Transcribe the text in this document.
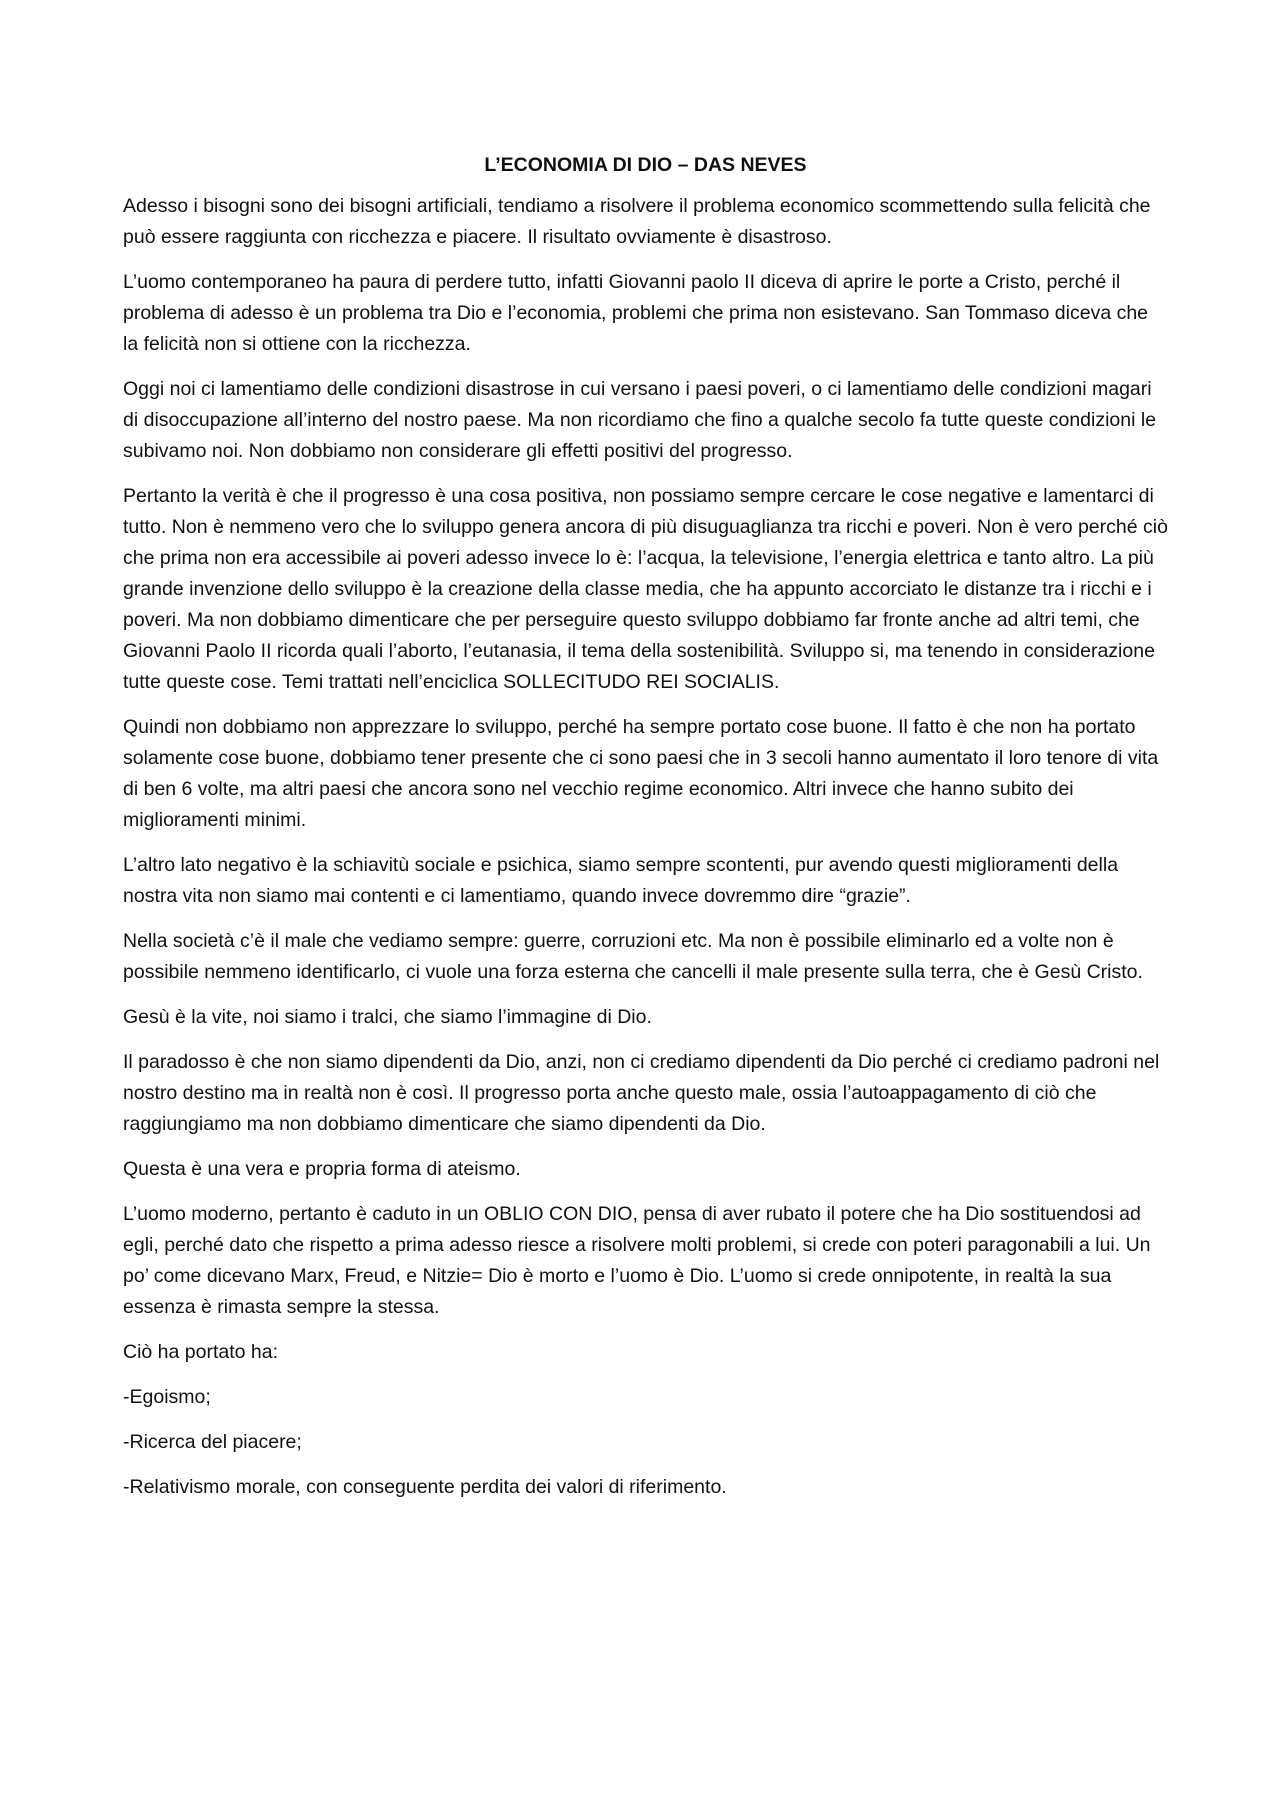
L’ECONOMIA DI DIO – DAS NEVES

Adesso i bisogni sono dei bisogni artificiali, tendiamo a risolvere il problema economico scommettendo sulla felicità che può essere raggiunta con ricchezza e piacere. Il risultato ovviamente è disastroso.

L’uomo contemporaneo ha paura di perdere tutto, infatti Giovanni paolo II diceva di aprire le porte a Cristo, perché il problema di adesso è un problema tra Dio e l’economia, problemi che prima non esistevano. San Tommaso diceva che la felicità non si ottiene con la ricchezza.

Oggi noi ci lamentiamo delle condizioni disastrose in cui versano i paesi poveri, o ci lamentiamo delle condizioni magari di disoccupazione all’interno del nostro paese. Ma non ricordiamo che fino a qualche secolo fa tutte queste condizioni le subivamo noi. Non dobbiamo non considerare gli effetti positivi del progresso.

Pertanto la verità è che il progresso è una cosa positiva, non possiamo sempre cercare le cose negative e lamentarci di tutto. Non è nemmeno vero che lo sviluppo genera ancora di più disuguaglianza tra ricchi e poveri. Non è vero perché ciò che prima non era accessibile ai poveri adesso invece lo è: l’acqua, la televisione, l’energia elettrica e tanto altro. La più grande invenzione dello sviluppo è la creazione della classe media, che ha appunto accorciato le distanze tra i ricchi e i poveri. Ma non dobbiamo dimenticare che per perseguire questo sviluppo dobbiamo far fronte anche ad altri temi, che Giovanni Paolo II ricorda quali l’aborto, l’eutanasia, il tema della sostenibilità. Sviluppo si, ma tenendo in considerazione tutte queste cose. Temi trattati nell’enciclica SOLLECITUDO REI SOCIALIS.

Quindi non dobbiamo non apprezzare lo sviluppo, perché ha sempre portato cose buone. Il fatto è che non ha portato solamente cose buone, dobbiamo tener presente che ci sono paesi che in 3 secoli hanno aumentato il loro tenore di vita di ben 6 volte, ma altri paesi che ancora sono nel vecchio regime economico. Altri invece che hanno subito dei miglioramenti minimi.

L’altro lato negativo è la schiavitù sociale e psichica, siamo sempre scontenti, pur avendo questi miglioramenti della nostra vita non siamo mai contenti e ci lamentiamo, quando invece dovremmo dire “grazie”.

Nella società c’è il male che vediamo sempre: guerre, corruzioni etc. Ma non è possibile eliminarlo ed a volte non è possibile nemmeno identificarlo, ci vuole una forza esterna che cancelli il male presente sulla terra, che è Gesù Cristo.

Gesù è la vite, noi siamo i tralci, che siamo l’immagine di Dio.

Il paradosso è che non siamo dipendenti da Dio, anzi, non ci crediamo dipendenti da Dio perché ci crediamo padroni nel nostro destino ma in realtà non è così. Il progresso porta anche questo male, ossia l’autoappagamento di ciò che raggiungiamo ma non dobbiamo dimenticare che siamo dipendenti da Dio.

Questa è una vera e propria forma di ateismo.

L’uomo moderno, pertanto è caduto in un OBLIO CON DIO, pensa di aver rubato il potere che ha Dio sostituendosi ad egli, perché dato che rispetto a prima adesso riesce a risolvere molti problemi, si crede con poteri paragonabili a lui. Un po’ come dicevano Marx, Freud, e Nitzie= Dio è morto e l’uomo è Dio. L’uomo si crede onnipotente, in realtà la sua essenza è rimasta sempre la stessa.

Ciò ha portato ha:

-Egoismo;

-Ricerca del piacere;

-Relativismo morale, con conseguente perdita dei valori di riferimento.
